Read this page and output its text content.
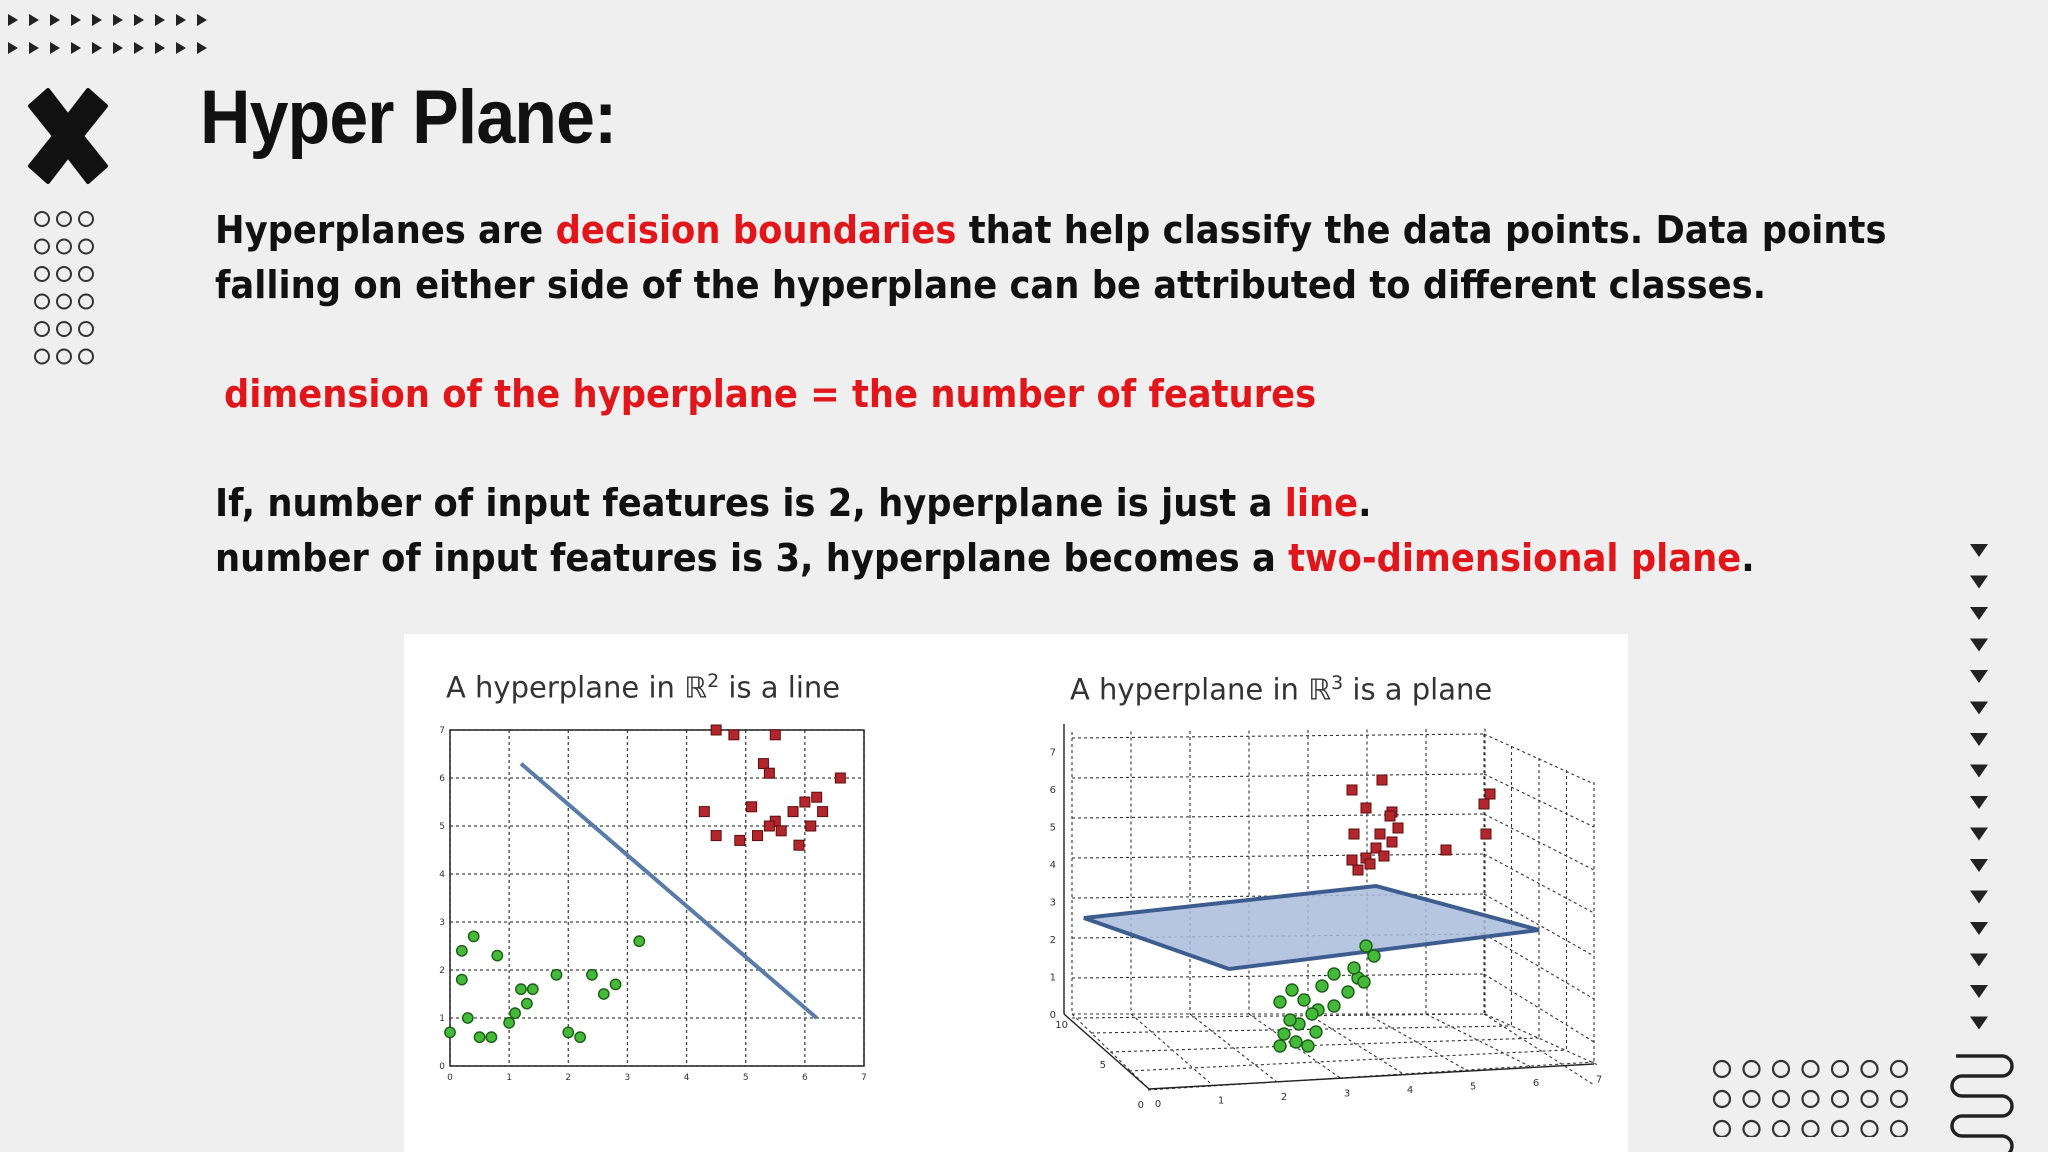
Hyper Plane:

Hyperplanes are decision boundaries that help classify the data points. Data points
falling on either side of the hyperplane can be attributed to different classes.

dimension of the hyperplane = the number of features

If, number of input features is 2, hyperplane is just a line.
number of input features is 3, hyperplane becomes a two-dimensional plane.

A hyperplane in ℝ$^2$ is a line	A hyperplane in ℝ$^3$ is a plane
0	1	2	3	4	5	6	7
0
1
2
3
4
5
6
7
0
1
2
3
4
5
6
7
0	1	2	3	4	5	6	7
0
5
10
